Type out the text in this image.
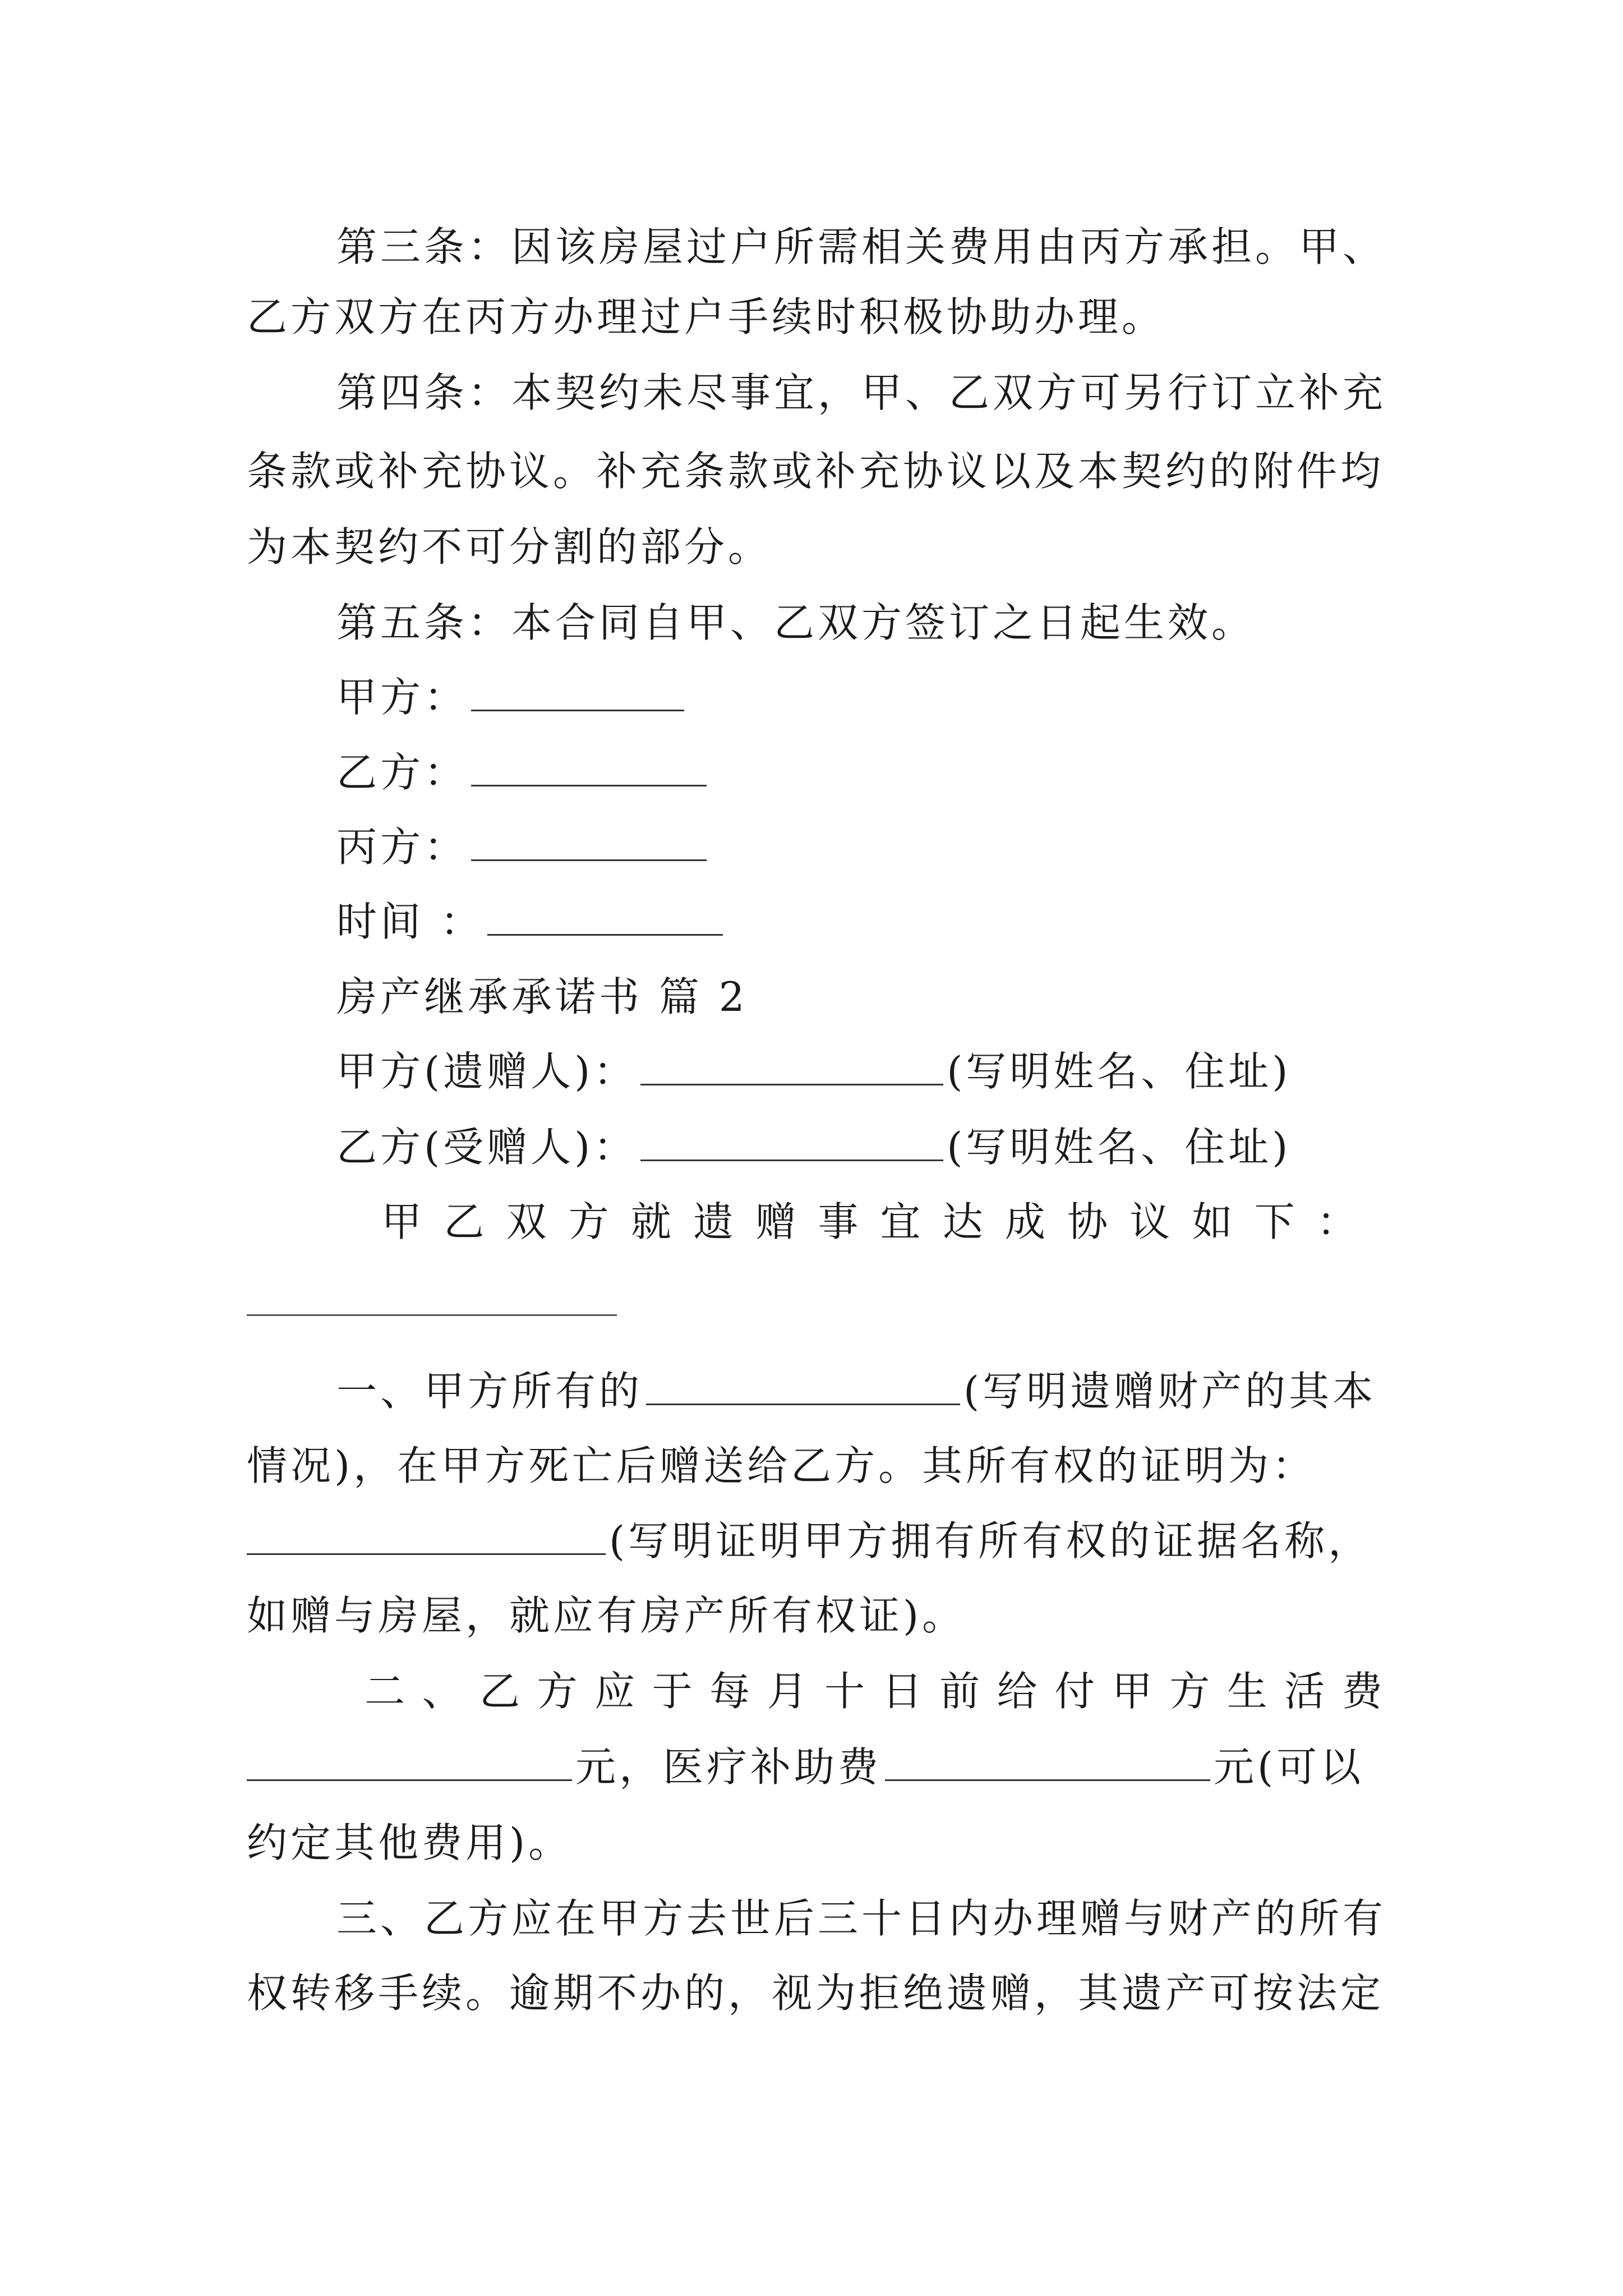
第三条：因该房屋过户所需相关费用由丙方承担。甲、
乙方双方在丙方办理过户手续时积极协助办理。
第四条：本契约未尽事宜，甲、乙双方可另行订立补充
条款或补充协议。补充条款或补充协议以及本契约的附件均
为本契约不可分割的部分。
第五条：本合同自甲、乙双方签订之日起生效。
甲方：
乙方：
丙方：
时间 ：
房产继承承诺书 篇 2
甲方(遗赠人)：	(写明姓名、住址)
乙方(受赠人)：	(写明姓名、住址)
甲 乙 双 方 就 遗 赠 事 宜 达 成 协 议 如 下 ：
一、甲方所有的	(写明遗赠财产的其本
情况)，在甲方死亡后赠送给乙方。其所有权的证明为：
(写明证明甲方拥有所有权的证据名称，
如赠与房屋，就应有房产所有权证)。
二 、 乙 方 应 于 每 月 十 日 前 给 付 甲 方 生 活 费
元，医疗补助费	元(可以
约定其他费用)。
三、乙方应在甲方去世后三十日内办理赠与财产的所有
权转移手续。逾期不办的，视为拒绝遗赠，其遗产可按法定
